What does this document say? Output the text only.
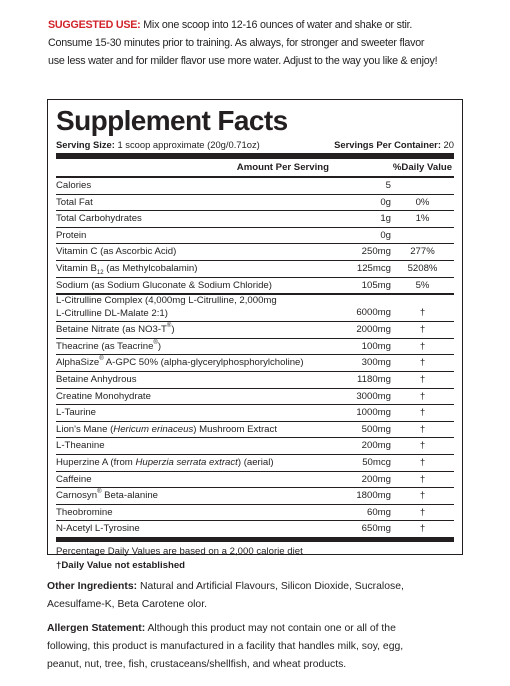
SUGGESTED USE: Mix one scoop into 12-16 ounces of water and shake or stir.
Consume 15-30 minutes prior to training. As always, for stronger and sweeter flavor
use less water and for milder flavor use more water. Adjust to the way you like & enjoy!
Supplement Facts
Serving Size: 1 scoop approximate (20g/0.71oz)	Servings Per Container: 20
Amount Per Serving	%Daily Value
Calories	5
Total Fat	0g	0%
Total Carbohydrates	1g	1%
Protein	0g
Vitamin C (as Ascorbic Acid)	250mg	277%
Vitamin $B_{12}$ (as Methylcobalamin)	125mcg	5208%
Sodium (as Sodium Gluconate & Sodium Chloride)	105mg	5%
L-Citrulline Complex (4,000mg L-Citrulline, 2,000mg
L-Citrulline DL-Malate 2:1)	6000mg	†
Betaine Nitrate (as NO3-T®)	2000mg	†
Theacrine (as Teacrine®)	100mg	†
AlphaSize® A-GPC 50% (alpha-glycerylphosphorylcholine)	300mg	†
Betaine Anhydrous	1180mg	†
Creatine Monohydrate	3000mg	†
L-Taurine	1000mg	†
Lion's Mane (Hericum erinaceus) Mushroom Extract	500mg	†
L-Theanine	200mg	†
Huperzine A (from Huperzia serrata extract) (aerial)	50mcg	†
Caffeine	200mg	†
Carnosyn® Beta-alanine	1800mg	†
Theobromine	60mg	†
N-Acetyl L-Tyrosine	650mg	†
Percentage Daily Values are based on a 2,000 calorie diet
†Daily Value not established
Other Ingredients: Natural and Artificial Flavours, Silicon Dioxide, Sucralose,
Acesulfame-K, Beta Carotene olor.
Allergen Statement: Although this product may not contain one or all of the
following, this product is manufactured in a facility that handles milk, soy, egg,
peanut, nut, tree, fish, crustaceans/shellfish, and wheat products.
